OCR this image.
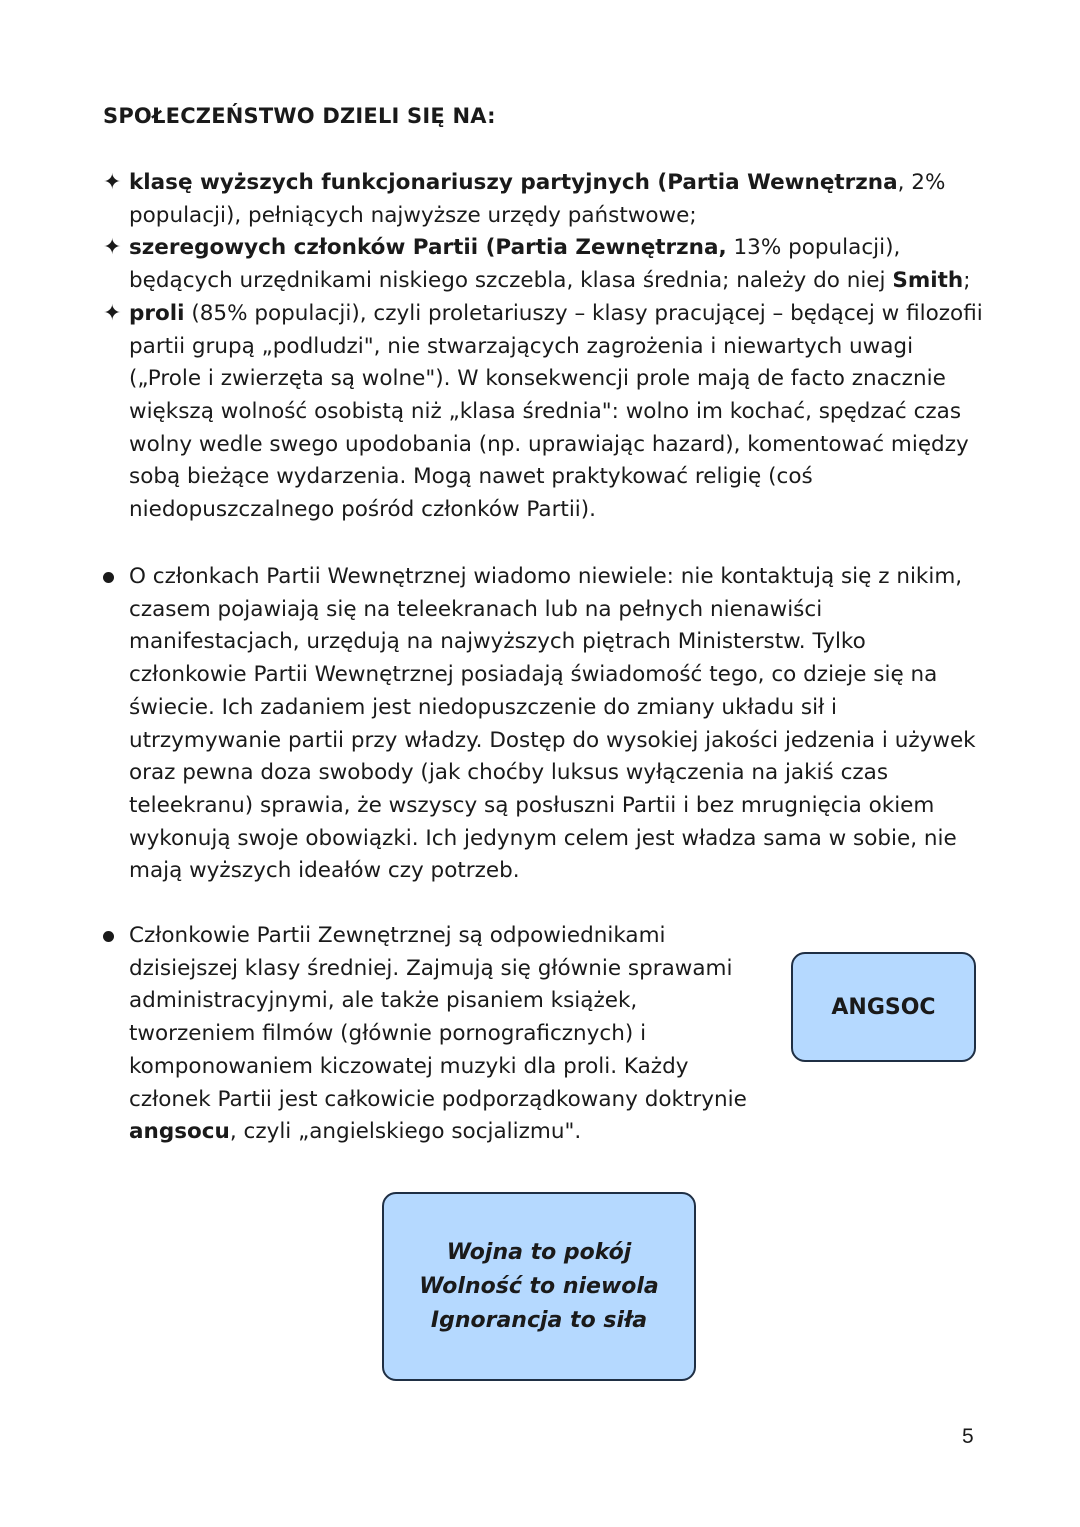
SPOŁECZEŃSTWO DZIELI SIĘ NA:
✦ klasę wyższych funkcjonariuszy partyjnych (Partia Wewnętrzna, 2% populacji), pełniących najwyższe urzędy państwowe;
✦ szeregowych członków Partii (Partia Zewnętrzna, 13% populacji), będących urzędnikami niskiego szczebla, klasa średnia; należy do niej Smith;
✦ proli (85% populacji), czyli proletariuszy – klasy pracującej – będącej w filozofii partii grupą „podludzi", nie stwarzających zagrożenia i niewartych uwagi („Prole i zwierzęta są wolne"). W konsekwencji prole mają de facto znacznie większą wolność osobistą niż „klasa średnia": wolno im kochać, spędzać czas wolny wedle swego upodobania (np. uprawiając hazard), komentować między sobą bieżące wydarzenia. Mogą nawet praktykować religię (coś niedopuszczalnego pośród członków Partii).
O członkach Partii Wewnętrznej wiadomo niewiele: nie kontaktują się z nikim, czasem pojawiają się na teleekranach lub na pełnych nienawiści manifestacjach, urzędują na najwyższych piętrach Ministerstw. Tylko członkowie Partii Wewnętrznej posiadają świadomość tego, co dzieje się na świecie. Ich zadaniem jest niedopuszczenie do zmiany układu sił i utrzymywanie partii przy władzy. Dostęp do wysokiej jakości jedzenia i używek oraz pewna doza swobody (jak choćby luksus wyłączenia na jakiś czas teleekranu) sprawia, że wszyscy są posłuszni Partii i bez mrugnięcia okiem wykonują swoje obowiązki. Ich jedynym celem jest władza sama w sobie, nie mają wyższych ideałów czy potrzeb.
Członkowie Partii Zewnętrznej są odpowiednikami dzisiejszej klasy średniej. Zajmują się głównie sprawami administracyjnymi, ale także pisaniem książek, tworzeniem filmów (głównie pornograficznych) i komponowaniem kiczowatej muzyki dla proli. Każdy członek Partii jest całkowicie podporządkowany doktrynie angsocu, czyli „angielskiego socjalizmu".
ANGSOC
Wojna to pokój
Wolność to niewola
Ignorancja to siła
5
